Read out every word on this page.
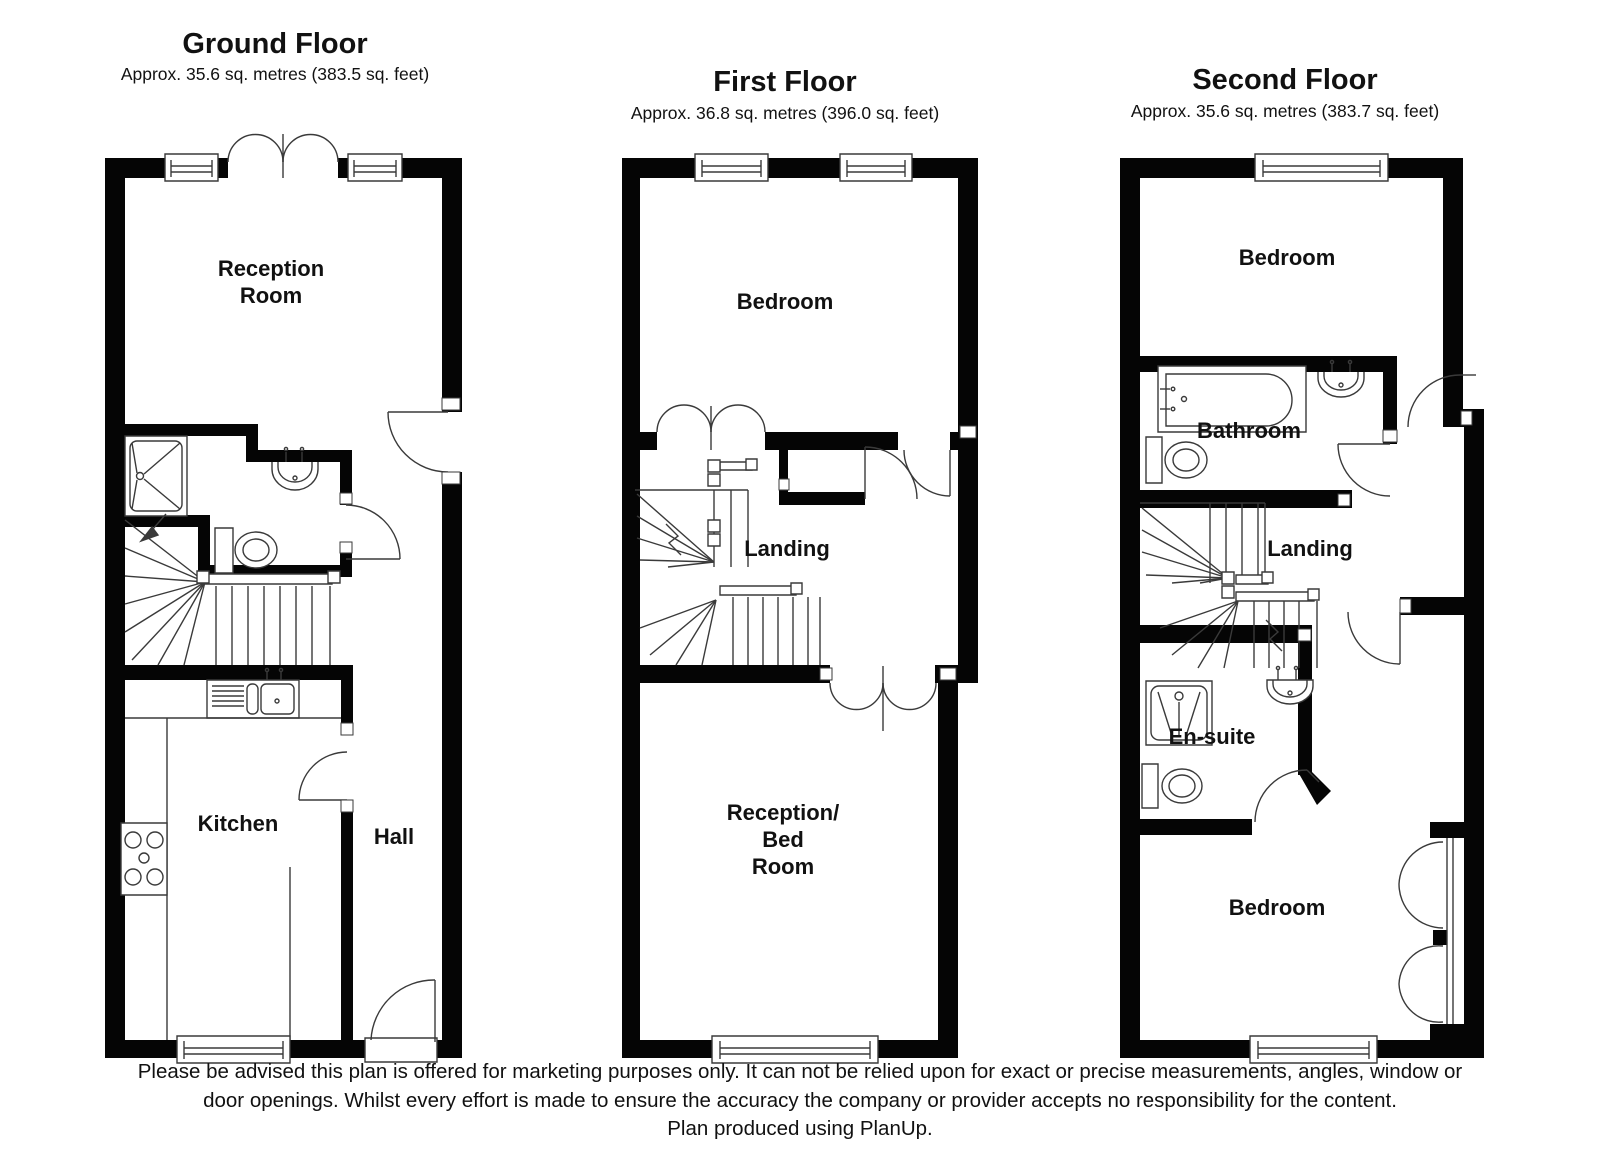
Ground Floor
Approx. 35.6 sq. metres (383.5 sq. feet)	First Floor
Approx. 36.8 sq. metres (396.0 sq. feet)
Second Floor
Approx. 35.6 sq. metres (383.7 sq. feet)
Reception
Room
Kitchen
Hall
Bedroom
Landing
Reception/
Bed
Room
Bedroom
Bathroom
Landing
En-suite
Bedroom
Please be advised this plan is offered for marketing purposes only. It can not be relied upon for exact or precise measurements, angles, window or
door openings. Whilst every effort is made to ensure the accuracy the company or provider accepts no responsibility for the content.
Plan produced using PlanUp.
